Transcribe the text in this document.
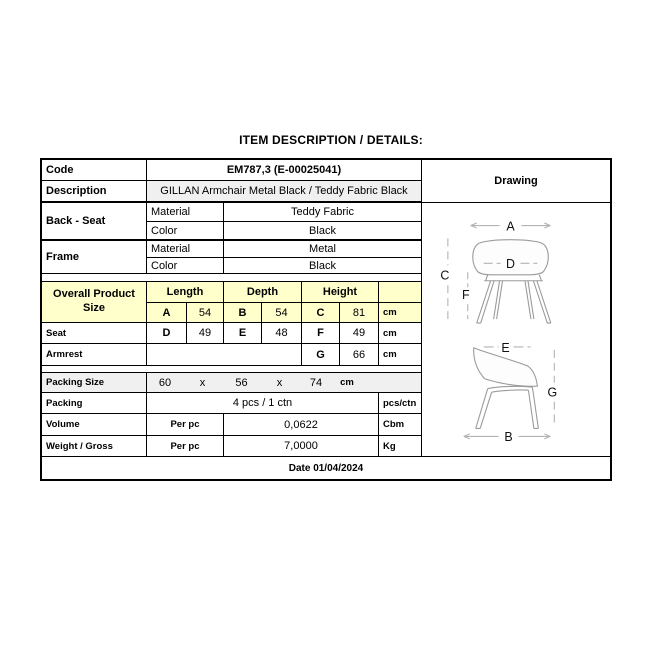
ITEM DESCRIPTION / DETAILS:
Code	EM787,3 (E-00025041)
Drawing
Description	GILLAN Armchair Metal Black / Teddy Fabric Black
Back - Seat
Material	Teddy Fabric
Color	Black
Frame
Material	Metal
Color	Black
Overall Product
Size
Length	Depth	Height
A	54	B	54	C	81	cm
Seat	D	49	E	48	F	49	cm
Armrest	G	66	cm
Packing Size	60	x	56	x	74	cm
Packing	4 pcs / 1 ctn	pcs/ctn
Volume	Per pc	0,0622	Cbm
Weight / Gross	Per pc	7,0000	Kg
A
C
F
D
E
G
B
Date 01/04/2024
